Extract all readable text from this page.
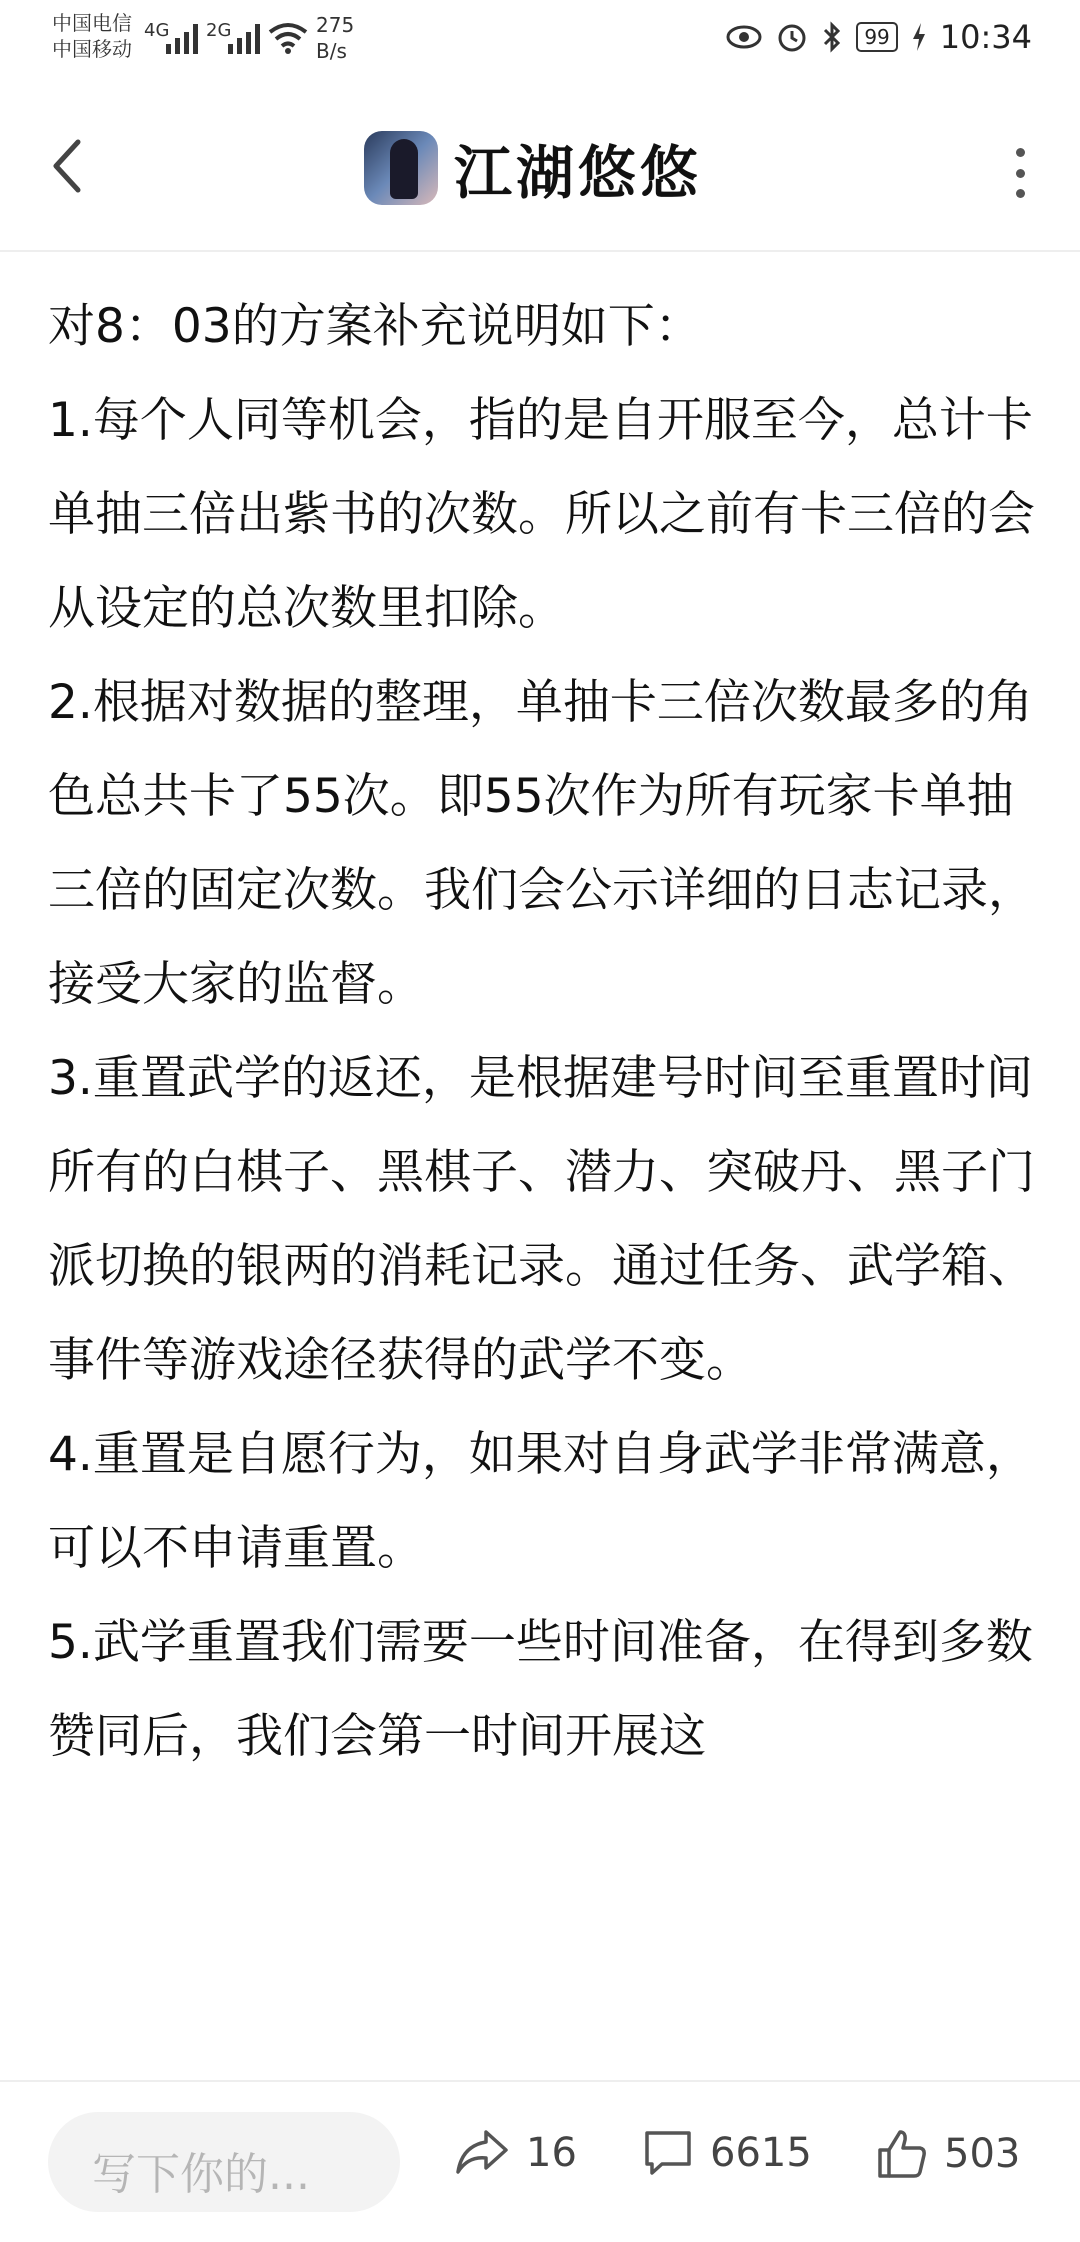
中国电信
中国移动
4G 2G	275
B/s
99 10:34
江湖悠悠

对8：03的方案补充说明如下：

1.每个人同等机会，指的是自开服至今，总计卡单抽三倍出紫书的次数。所以之前有卡三倍的会从设定的总次数里扣除。

2.根据对数据的整理，单抽卡三倍次数最多的角色总共卡了55次。即55次作为所有玩家卡单抽三倍的固定次数。我们会公示详细的日志记录，接受大家的监督。

3.重置武学的返还，是根据建号时间至重置时间所有的白棋子、黑棋子、潜力、突破丹、黑子门派切换的银两的消耗记录。通过任务、武学箱、事件等游戏途径获得的武学不变。

4.重置是自愿行为，如果对自身武学非常满意，可以不申请重置。

5.武学重置我们需要一些时间准备，在得到多数赞同后，我们会第一时间开展这

写下你的...	16	6615	503
